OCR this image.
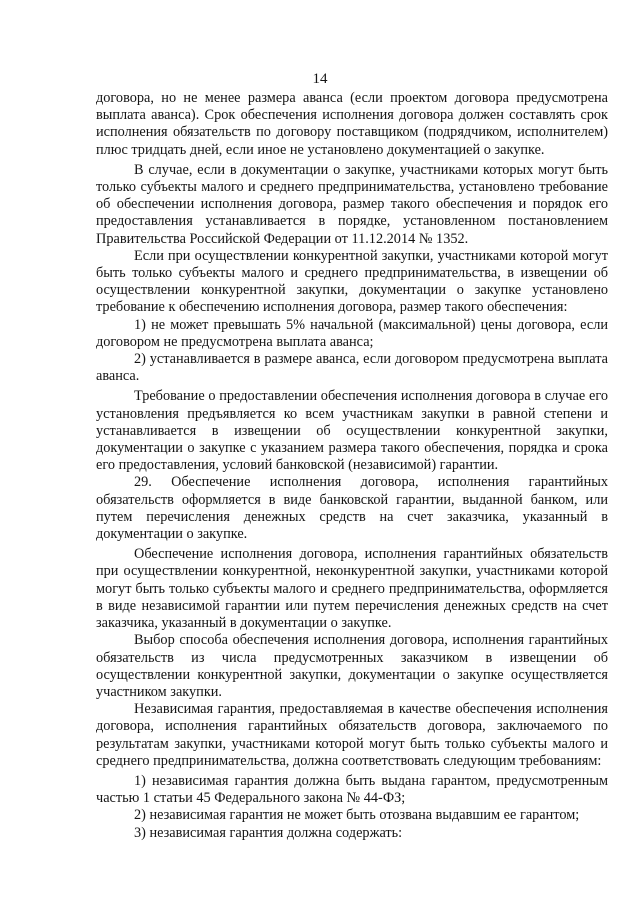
14

договора, но не менее размера аванса (если проектом договора предусмотрена выплата аванса). Срок обеспечения исполнения договора должен составлять срок исполнения обязательств по договору поставщиком (подрядчиком, исполнителем) плюс тридцать дней, если иное не установлено документацией о закупке.

В случае, если в документации о закупке, участниками которых могут быть только субъекты малого и среднего предпринимательства, установлено требование об обеспечении исполнения договора, размер такого обеспечения и порядок его предоставления устанавливается в порядке, установленном постановлением Правительства Российской Федерации от 11.12.2014 № 1352.

Если при осуществлении конкурентной закупки, участниками которой могут быть только субъекты малого и среднего предпринимательства, в извещении об осуществлении конкурентной закупки, документации о закупке установлено требование к обеспечению исполнения договора, размер такого обеспечения:

1) не может превышать 5% начальной (максимальной) цены договора, если договором не предусмотрена выплата аванса;

2) устанавливается в размере аванса, если договором предусмотрена выплата аванса.

Требование о предоставлении обеспечения исполнения договора в случае его установления предъявляется ко всем участникам закупки в равной степени и устанавливается в извещении об осуществлении конкурентной закупки, документации о закупке с указанием размера такого обеспечения, порядка и срока его предоставления, условий банковской (независимой) гарантии.

29. Обеспечение исполнения договора, исполнения гарантийных обязательств оформляется в виде банковской гарантии, выданной банком, или путем перечисления денежных средств на счет заказчика, указанный в документации о закупке.

Обеспечение исполнения договора, исполнения гарантийных обязательств при осуществлении конкурентной, неконкурентной закупки, участниками которой могут быть только субъекты малого и среднего предпринимательства, оформляется в виде независимой гарантии или путем перечисления денежных средств на счет заказчика, указанный в документации о закупке.

Выбор способа обеспечения исполнения договора, исполнения гарантийных обязательств из числа предусмотренных заказчиком в извещении об осуществлении конкурентной закупки, документации о закупке осуществляется участником закупки.

Независимая гарантия, предоставляемая в качестве обеспечения исполнения договора, исполнения гарантийных обязательств договора, заключаемого по результатам закупки, участниками которой могут быть только субъекты малого и среднего предпринимательства, должна соответствовать следующим требованиям:

1) независимая гарантия должна быть выдана гарантом, предусмотренным частью 1 статьи 45 Федерального закона № 44-ФЗ;

2) независимая гарантия не может быть отозвана выдавшим ее гарантом;

3) независимая гарантия должна содержать:
